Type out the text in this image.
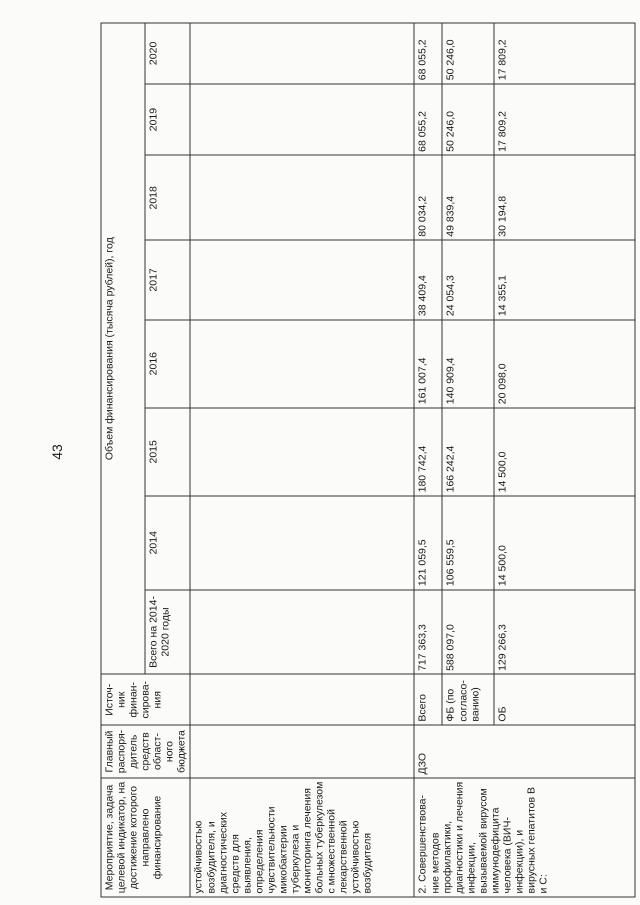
43
Мероприятие, задача целевой индикатор, на достижение которого направлено финансирование	Главный распоря-дитель средств област-ного бюджета	Источ-ник финан-сирова-ния	Объем финансирования (тысяча рублей), год							
			Всего на 2014-2020 годы	2014	2015	2016	2017	2018	2019	2020
устойчивостью возбудителя, и диагностических средств для выявления, определения чувствительности микобактерии туберкулеза и мониторинга лечения больных туберкулезом с множественной лекарственной устойчивостью возбудителя										
2. Совершенствова-ние методов профилактики, диагностики и лечения инфекции, вызываемой вирусом иммунодефицита человека (ВИЧ-инфекции), и вирусных гепатитов В и С:	ДЗО	Всего	717 363,3	121 059,5	180 742,4	161 007,4	38 409,4	80 034,2	68 055,2	68 055,2
		ФБ (по согласо-ванию)	588 097,0	106 559,5	166 242,4	140 909,4	24 054,3	49 839,4	50 246,0	50 246,0
		ОБ	129 266,3	14 500,0	14 500,0	20 098,0	14 355,1	30 194,8	17 809,2	17 809,2
